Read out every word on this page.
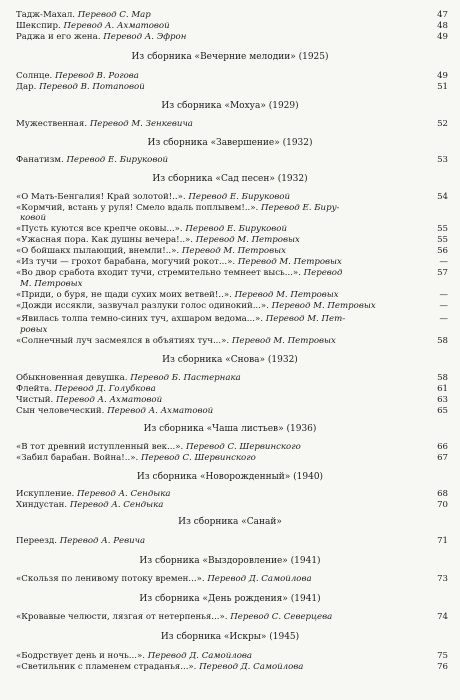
Тадж-Махал. Перевод С. Мар	47
Шекспир. Перевод А. Ахматовой	48
Раджа и его жена. Перевод А. Эфрон	49
Из сборника «Вечерние мелодии» (1925)
Солнце. Перевод В. Рогова	49
Дар. Перевод В. Потаповой	51
Из сборника «Мохуа» (1929)
Мужественная. Перевод М. Зенкевича	52
Из сборника «Завершение» (1932)
Фанатизм. Перевод Е. Бируковой	53
Из сборника «Сад песен» (1932)
«О Мать-Бенгалия! Край золотой!..». Перевод Е. Бируковой	54
«Кормчий, встань у руля! Смело вдаль поплывем!..». Перевод Е. Бирy-
ковой
«Пусть куются все крепче оковы...». Перевод Е. Бируковой	55
«Ужасная пора. Как душны вечера!..». Перевод М. Петровых	55
«О бойшакх пылающий, внемли!..». Перевод М. Петровых	56
«Из тучи — грохот барабана, могучий рокот...». Перевод М. Петровых	—
«Во двор сработа входит тучи, стремительно темнеет высь...». Перевод	57
М. Петровых
«Приди, о буря, не щади сухих моих ветвей!..». Перевод М. Петровых	—
«Дожди иссякли, зазвучал разлуки голос одинокий...». Перевод М. Петровых	—
«Явилась толпа темно-синих туч, ахшаром ведома...». Перевод М. Пет-	—
ровых
«Солнечный луч засмеялся в объятиях туч...». Перевод М. Петровых	58
Из сборника «Снова» (1932)
Обыкновенная девушка. Перевод Б. Пастернака	58
Флейта. Перевод Д. Голубкова	61
Чистый. Перевод А. Ахматовой	63
Сын человеческий. Перевод А. Ахматовой	65
Из сборника «Чаша листьев» (1936)
«В тот древний иступленный век...». Перевод С. Шервинского	66
«Забил барабан. Война!..». Перевод С. Шервинского	67
Из сборника «Новорожденный» (1940)
Искупление. Перевод А. Сендыка	68
Хиндустан. Перевод А. Сендыка	70
Из сборника «Санай»
Переезд. Перевод А. Ревича	71
Из сборника «Выздоровление» (1941)
«Скользя по ленивому потоку времен...». Перевод Д. Самойлова	73
Из сборника «День рождения» (1941)
«Кровавые челюсти, лязгая от нетерпенья...». Перевод С. Северцева	74
Из сборника «Искры» (1945)
«Бодрствует день и ночь...». Перевод Д. Самойлова	75
«Светильник с пламенем страданья...». Перевод Д. Самойлова	76
